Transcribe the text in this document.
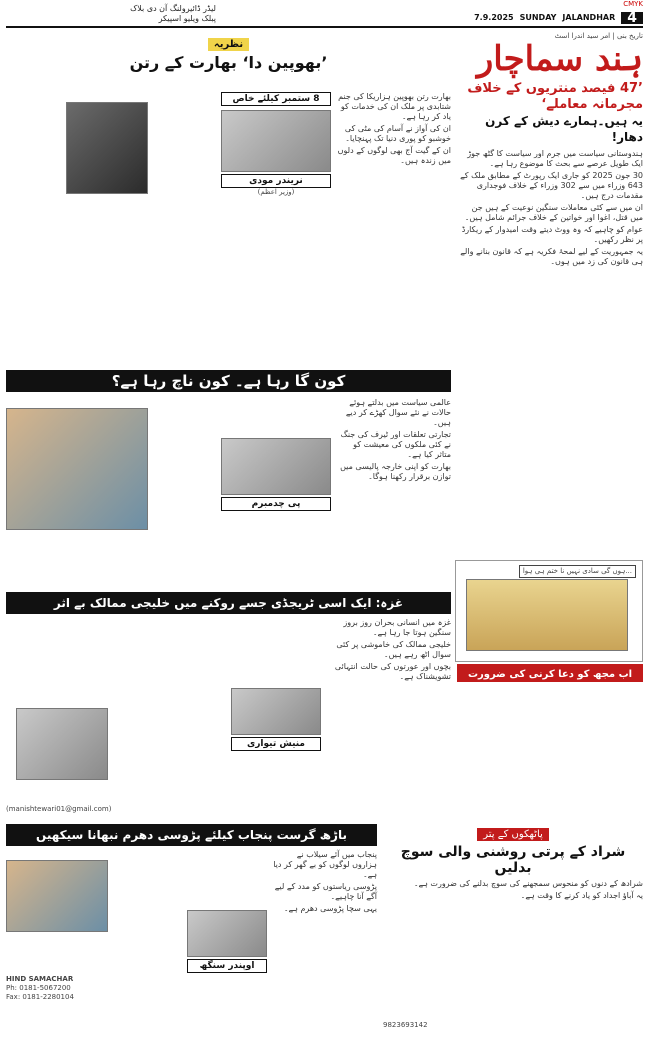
CMYK
لیڈر ڈائیرولنگ آن دی بلاک
پبلک ویلیو اسپیکر	7.9.2025 SUNDAY JALANDHAR 4
تاریخ بنی | امر سید اندرا اسٹ
ہند سماچار
’47 فیصد منتریوں کے خلاف مجرمانہ معاملے‘
یہ ہیں۔ہمارے دیش کے کرن دھار!

ہندوستانی سیاست میں جرم اور سیاست کا گٹھ جوڑ ایک طویل عرصے سے بحث کا موضوع رہا ہے۔

30 جون 2025 کو جاری ایک رپورٹ کے مطابق ملک کے 643 وزراء میں سے 302 وزراء کے خلاف فوجداری مقدمات درج ہیں۔

ان میں سے کئی معاملات سنگین نوعیت کے ہیں جن میں قتل، اغوا اور خواتین کے خلاف جرائم شامل ہیں۔

عوام کو چاہیے کہ وہ ووٹ دیتے وقت امیدوار کے ریکارڈ پر نظر رکھیں۔

یہ جمہوریت کے لیے لمحۂ فکریہ ہے کہ قانون بنانے والے ہی قانون کی زد میں ہوں۔

نظریہ
’بھوپین دا‘ بھارت کے رتن
8 ستمبر کیلئے خاص
نریندر مودی
(وزیر اعظم)

بھارت رتن بھوپین ہزاریکا کی جنم شتابدی پر ملک ان کی خدمات کو یاد کر رہا ہے۔

ان کی آواز نے آسام کی مٹی کی خوشبو کو پوری دنیا تک پہنچایا۔

ان کے گیت آج بھی لوگوں کے دلوں میں زندہ ہیں۔

کون گا رہا ہے۔ کون ناچ رہا ہے؟
پی چدمبرم

عالمی سیاست میں بدلتے ہوئے حالات نے نئے سوال کھڑے کر دیے ہیں۔

تجارتی تعلقات اور ٹیرف کی جنگ نے کئی ملکوں کی معیشت کو متاثر کیا ہے۔

بھارت کو اپنی خارجہ پالیسی میں توازن برقرار رکھنا ہوگا۔

غزہ: ایک اسی ٹریجڈی جسے روکنے میں خلیجی ممالک بے اثر
منیش تیواری

غزہ میں انسانی بحران روز بروز سنگین ہوتا جا رہا ہے۔

خلیجی ممالک کی خاموشی پر کئی سوال اٹھ رہے ہیں۔

بچوں اور عورتوں کی حالت انتہائی تشویشناک ہے۔

(manishtewari01@gmail.com)
...ہوں گی سادی نہیں نا ختم ہی ہوا
اب مجھ کو دعا کرنی کی ضرورت نہیں رہی
پاٹھکوں کے پتر
شراد کے پرتی روشنی والی سوچ بدلیں

شرادھ کے دنوں کو منحوس سمجھنے کی سوچ بدلنے کی ضرورت ہے۔

یہ آباؤ اجداد کو یاد کرنے کا وقت ہے۔

9823693142
باڑھ گرست پنجاب کیلئے پڑوسی دھرم نبھانا سیکھیں
اوپندر سنگھ

پنجاب میں آئے سیلاب نے ہزاروں لوگوں کو بے گھر کر دیا ہے۔

پڑوسی ریاستوں کو مدد کے لیے آگے آنا چاہیے۔

یہی سچا پڑوسی دھرم ہے۔

HIND SAMACHAR
Ph: 0181-5067200
Fax: 0181-2280104
